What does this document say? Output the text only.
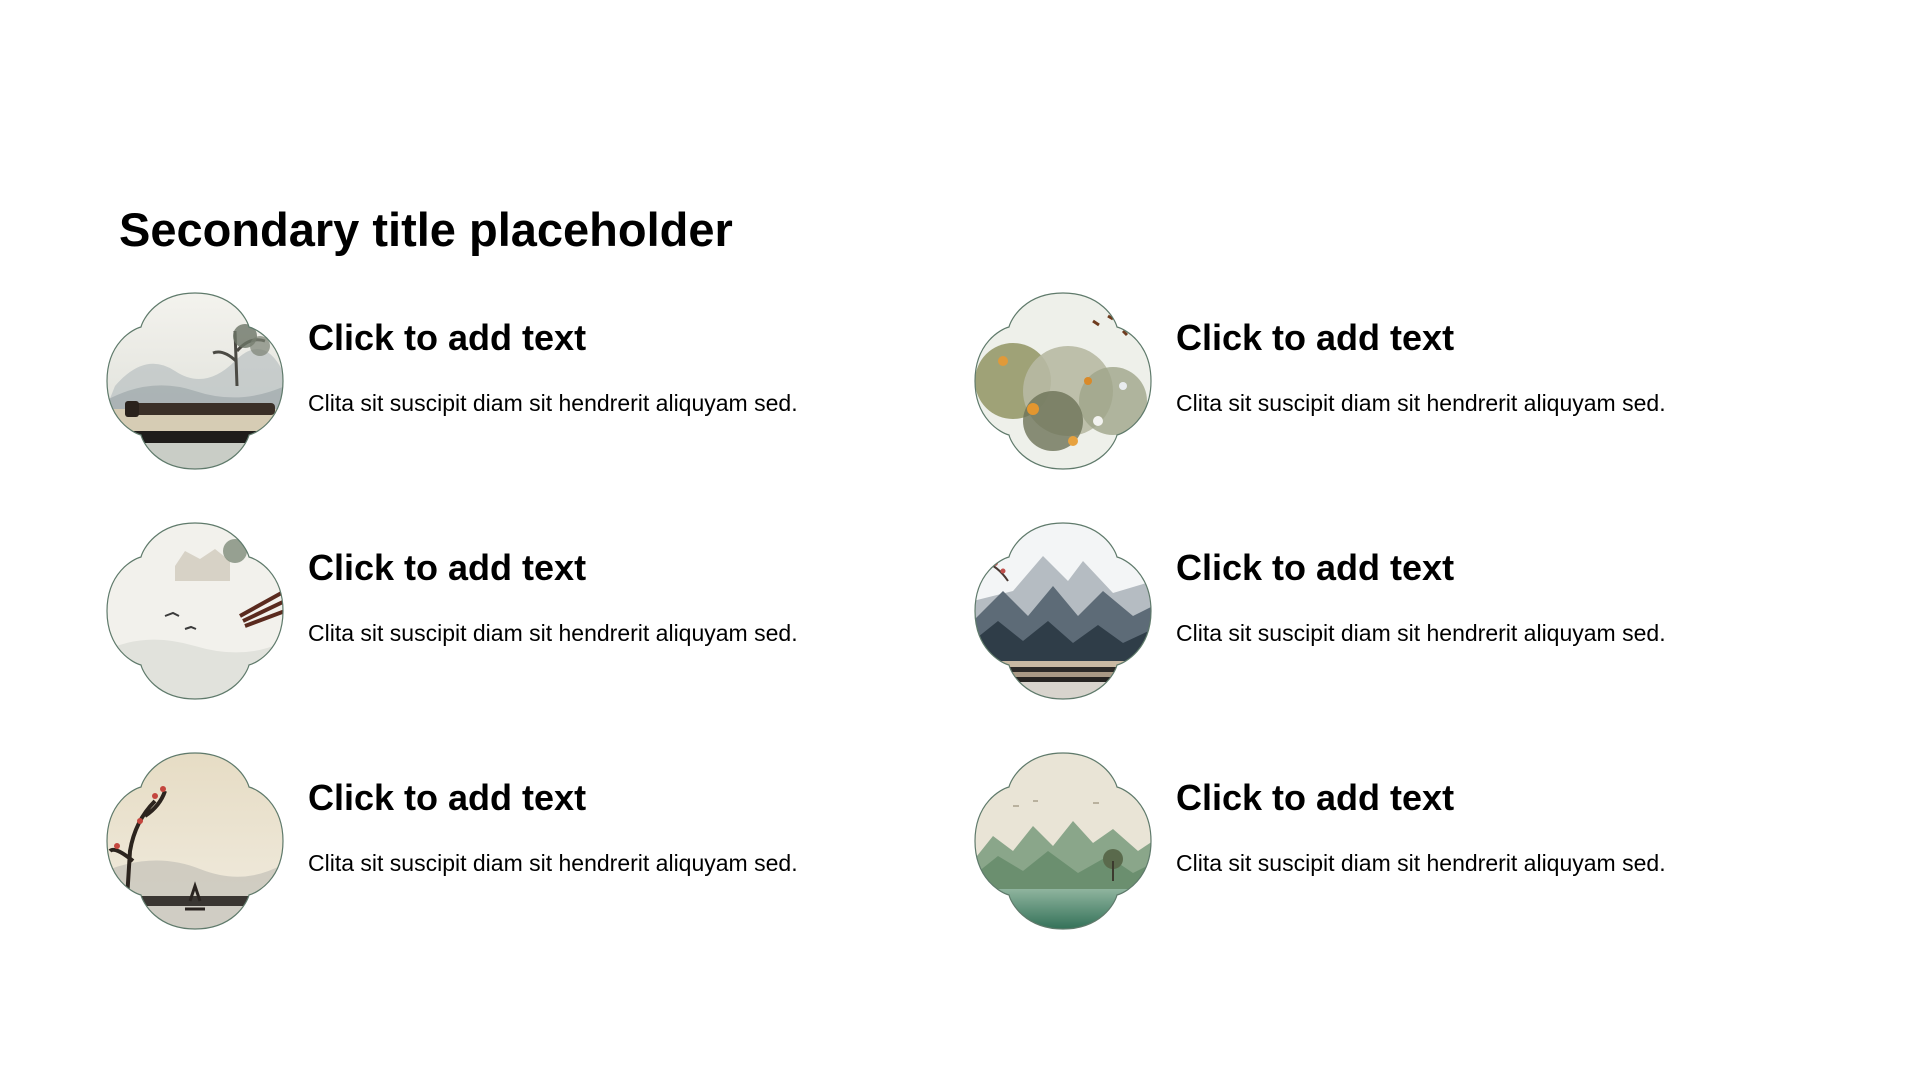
Secondary title placeholder
Click to add text

Clita sit suscipit diam sit hendrerit aliquyam sed.

Click to add text

Clita sit suscipit diam sit hendrerit aliquyam sed.

Click to add text

Clita sit suscipit diam sit hendrerit aliquyam sed.

Click to add text

Clita sit suscipit diam sit hendrerit aliquyam sed.

Click to add text

Clita sit suscipit diam sit hendrerit aliquyam sed.

Click to add text

Clita sit suscipit diam sit hendrerit aliquyam sed.
